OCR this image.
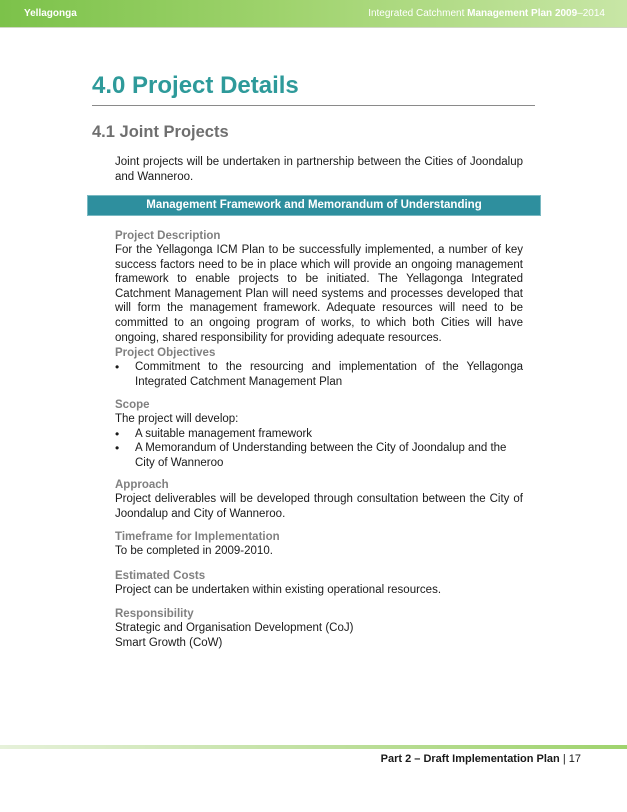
Yellagonga	Integrated Catchment Management Plan 2009–2014
4.0 Project Details
4.1 Joint Projects
Joint projects will be undertaken in partnership between the Cities of Joondalup and Wanneroo.
Management Framework and Memorandum of Understanding
Project Description
For the Yellagonga ICM Plan to be successfully implemented, a number of key success factors need to be in place which will provide an ongoing management framework to enable projects to be initiated. The Yellagonga Integrated Catchment Management Plan will need systems and processes developed that will form the management framework. Adequate resources will need to be committed to an ongoing program of works, to which both Cities will have ongoing, shared responsibility for providing adequate resources.
Project Objectives
• Commitment to the resourcing and implementation of the Yellagonga Integrated Catchment Management Plan
Scope
The project will develop:
• A suitable management framework
• A Memorandum of Understanding between the City of Joondalup and the City of Wanneroo
Approach
Project deliverables will be developed through consultation between the City of Joondalup and City of Wanneroo.
Timeframe for Implementation
To be completed in 2009-2010.
Estimated Costs
Project can be undertaken within existing operational resources.
Responsibility
Strategic and Organisation Development (CoJ)
Smart Growth (CoW)
Part 2 – Draft Implementation Plan | 17
